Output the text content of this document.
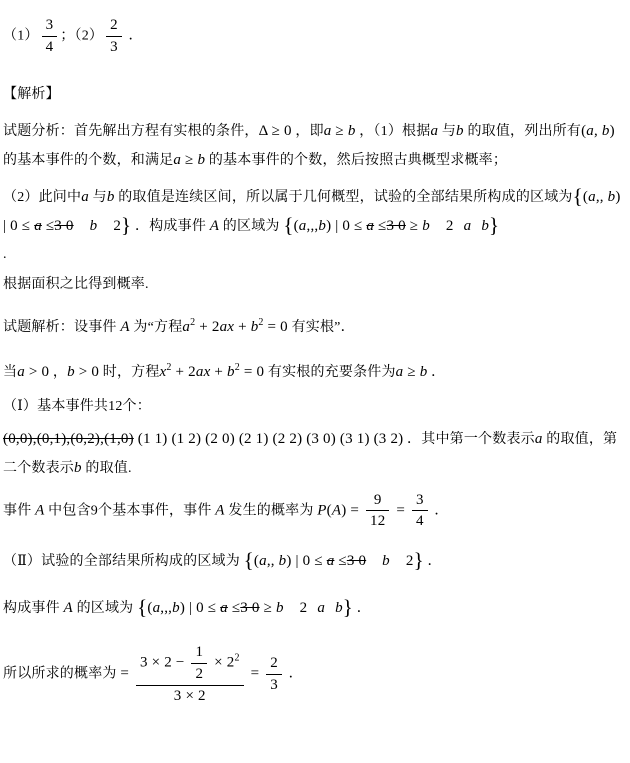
$(1) \frac{3}{4}$ ；$(2) \frac{2}{3}$ ．
【解析】
试题分析：首先解出方程有实根的条件，Δ ≥ 0 ，即a ≥ b ，（1）根据a 与b 的取值，列出所有(a, b) 的基本事件的个数，和满足a ≥ b 的基本事件的个数，然后按照古典概型求概率；
（2）此问中a 与b 的取值是连续区间，所以属于几何概型，试验的全部结果所构成的区域为{(a,, b) | 0 ≤ a ≤3 0 b 2} ．构成事件 A 的区域为 {(a,,,b) | 0 ≤ a ≤3 0 ≥ b 2 a b}
.
根据面积之比得到概率.
试题解析：设事件 A 为“方程$a^2 + 2ax + b^2 = 0$ 有实根”．
当a > 0 ，b > 0 时，方程$x^2 + 2ax + b^2 = 0$ 有实根的充要条件为a ≥ b ．
（Ⅰ）基本事件共12个：
(0,0),(0,1),(0,2),(1,0) (1 1) (1 2) (2 0) (2 1) (2 2) (3 0) (3 1) (3 2) ．其中第一个数表示a 的取值，第二个数表示b 的取值.
事件 A 中包含9个基本事件，事件 A 发生的概率为 $P(A) = \frac{9}{12} = \frac{3}{4}$ ．
（Ⅱ）试验的全部结果所构成的区域为 {(a,, b) | 0 ≤ a ≤3 0 b 2} ．
构成事件 A 的区域为 {(a,,,b) | 0 ≤ a ≤3 0 ≥ b 2 a b} ．
所以所求的概率为 = $\frac{3 \times 2 - \frac{1}{2} \times 2^2}{3 \times 2} = \frac{2}{3}$ ．
